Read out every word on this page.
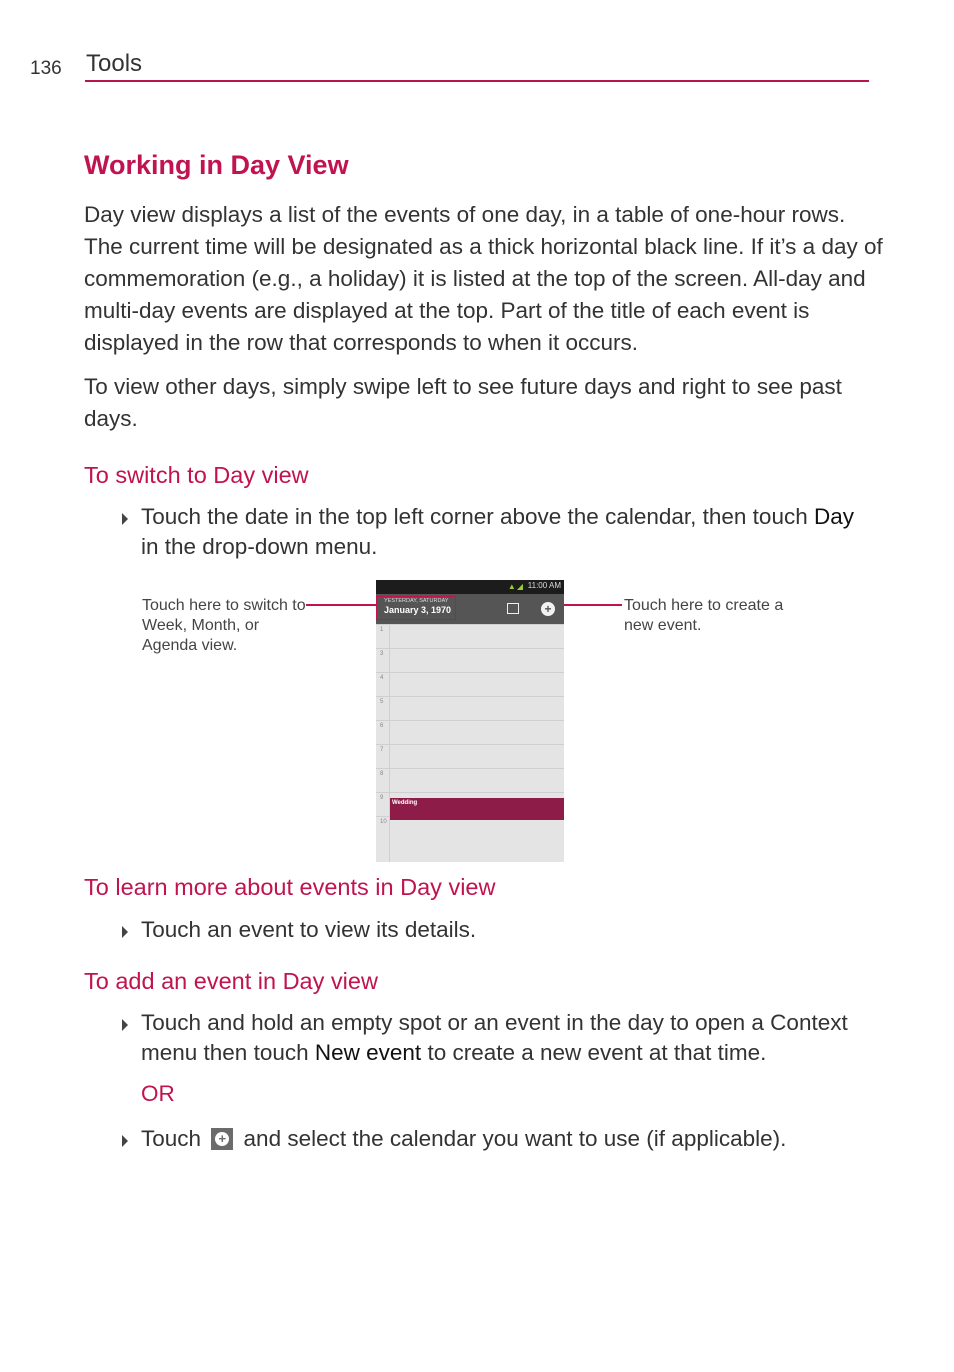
136 Tools
Working in Day View
Day view displays a list of the events of one day, in a table of one-hour rows. The current time will be designated as a thick horizontal black line. If it’s a day of commemoration (e.g., a holiday) it is listed at the top of the screen. All-day and multi-day events are displayed at the top. Part of the title of each event is displayed in the row that corresponds to when it occurs.
To view other days, simply swipe left to see future days and right to see past days.
To switch to Day view
Touch the date in the top left corner above the calendar, then touch Day in the drop-down menu.
Touch here to switch to Week, Month, or Agenda view.
Touch here to create a new event.
▲◢ 11:00 AM
YESTERDAY, SATURDAY
January 3, 1970	+
1
3
4
5
6
7
8
9
10
Wedding
To learn more about events in Day view
Touch an event to view its details.
To add an event in Day view
Touch and hold an empty spot or an event in the day to open a Context menu then touch New event to create a new event at that time.
OR
Touch + and select the calendar you want to use (if applicable).
